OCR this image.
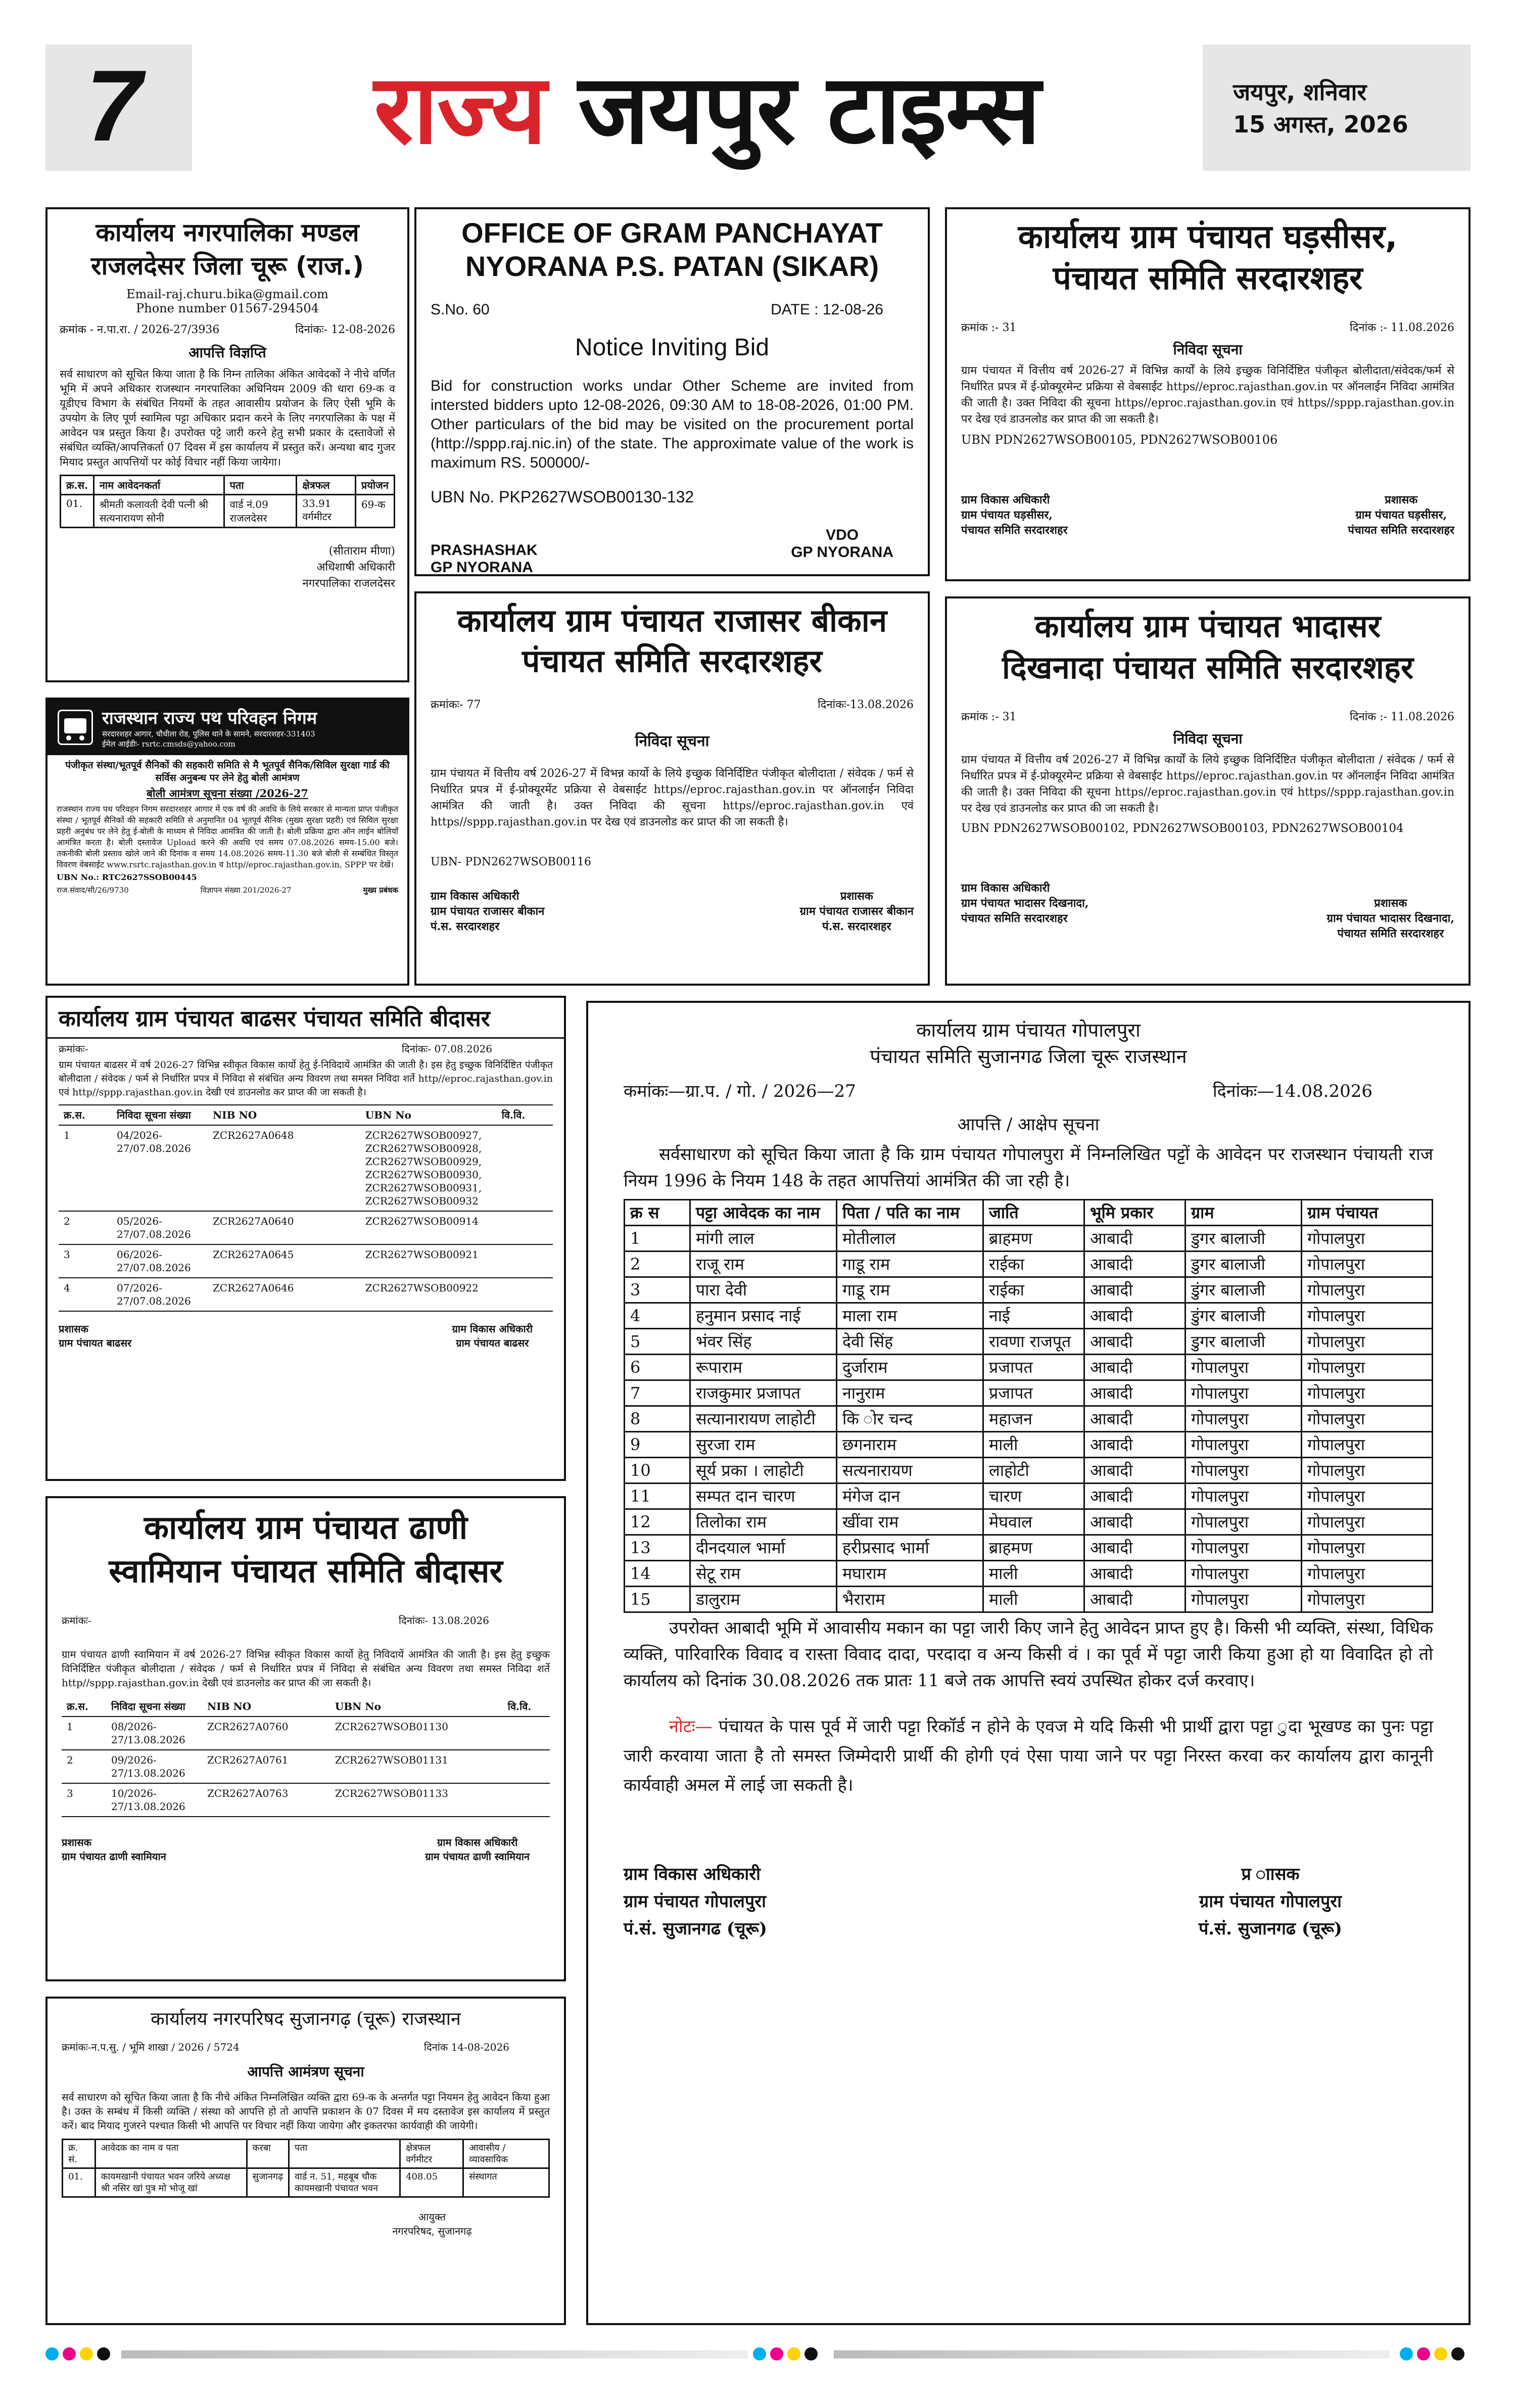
7 राज्य जयपुर टाइम्स	जयपुर, शनिवार
15 अगस्त, 2026
कार्यालय नगरपालिका मण्डल
राजलदेसर जिला चूरू (राज.)
Email-raj.churu.bika@gmail.com
Phone number 01567-294504
क्रमांक - न.पा.रा. / 2026-27/3936	दिनांकः- 12-08-2026
आपत्ति विज्ञप्ति

सर्व साधारण को सूचित किया जाता है कि निम्न तालिका अंकित आवेदकों ने नीचे वर्णित भूमि में अपने अधिकार राजस्थान नगरपालिका अधिनियम 2009 की धारा 69-क व यूडीएच विभाग के संबंधित नियमों के तहत आवासीय प्रयोजन के लिए ऐसी भूमि के उपयोग के लिए पूर्ण स्वामित्व पट्टा अधिकार प्रदान करने के लिए नगरपालिका के पक्ष में आवेदन पत्र प्रस्तुत किया है। उपरोक्त पट्टे जारी करने हेतु सभी प्रकार के दस्तावेजों से संबंधित व्यक्ति/आपत्तिकर्ता 07 दिवस में इस कार्यालय में प्रस्तुत करें। अन्यथा बाद गुजर मियाद प्रस्तुत आपत्तियों पर कोई विचार नहीं किया जायेगा।

क्र.स.	नाम आवेदनकर्ता	पता	क्षेत्रफल	प्रयोजन
01.	श्रीमती कलावती देवी पत्नी श्री सत्यनारायण सोनी	वार्ड नं.09 राजलदेसर	33.91 वर्गमीटर	69-क
(सीताराम मीणा)
अधिशाषी अधिकारी
नगरपालिका राजलदेसर
राजस्थान राज्य पथ परिवहन निगम
सरदारशहर आगार, चौधीला रोड, पुलिस थाने के सामने, सरदारशहर-331403
ईमेल आईडीः- rsrtc.cmsds@yahoo.com
पंजीकृत संस्था/भूतपूर्व सैनिकों की सहकारी समिति से मै भूतपूर्व सैनिक/सिविल सुरक्षा गार्ड की सर्विस अनुबन्ध पर लेने हेतु बोली आमंत्रण
बोली आमंत्रण सूचना संख्या /2026-27

राजस्थान राज्य पथ परिवहन निगम सरदारशहर आगार में एक वर्ष की अवधि के लिये सरकार से मान्यता प्राप्त पंजीकृत संस्था / भूतपूर्व सैनिकों की सहकारी समिति से अनुमानित 04 भूतपूर्व सैनिक (मुख्य सुरक्षा प्रहरी) एवं सिविल सुरक्षा प्रहरी अनुबंध पर लेने हेतु ई-बोली के माध्यम से निविदा आमंत्रित की जाती है। बोली प्रक्रिया द्वारा ऑन लाईन बोलियाँ आमंत्रित करता है। बोली दस्तावेज Upload करने की अवधि एवं समय 07.08.2026 समय-15.00 बजे। तकनीकी बोली प्रस्ताव खोले जाने की दिनांक व समय 14.08.2026 समय-11.30 बजे बोली से सम्बंधित विस्तृत विवरण वेबसाईट www.rsrtc.rajasthan.gov.in व http//eproc.rajasthan.gov.in, SPPP पर देखें।

UBN No.: RTC2627SSOB00445
राज.संवाद/सी/26/9730	विज्ञापन संख्या 201/2026-27	मुख्य प्रबंधक
OFFICE OF GRAM PANCHAYAT
NYORANA P.S. PATAN (SIKAR)
S.No. 60	DATE : 12-08-26
Notice Inviting Bid

Bid for construction works undar Other Scheme are invited from intersted bidders upto 12-08-2026, 09:30 AM to 18-08-2026, 01:00 PM. Other particulars of the bid may be visited on the procurement portal (http://sppp.raj.nic.in) of the state. The approximate value of the work is maximum RS. 500000/-

UBN No. PKP2627WSOB00130-132
PRASHASHAK
GP NYORANA
VDO
GP NYORANA
कार्यालय ग्राम पंचायत घड़सीसर,
पंचायत समिति सरदारशहर
क्रमांक :- 31	दिनांक :- 11.08.2026
निविदा सूचना

ग्राम पंचायत में वित्तीय वर्ष 2026-27 में विभिन्न कार्यों के लिये इच्छुक विनिर्दिष्टित पंजीकृत बोलीदाता/संवेदक/फर्म से निर्धारित प्रपत्र में ई-प्रोक्यूरमेन्ट प्रक्रिया से वेबसाईट https//eproc.rajasthan.gov.in पर ऑनलाईन निविदा आमंत्रित की जाती है। उक्त निविदा की सूचना https//eproc.rajasthan.gov.in एवं https//sppp.rajasthan.gov.in पर देख एवं डाउनलोड कर प्राप्त की जा सकती है।

UBN PDN2627WSOB00105, PDN2627WSOB00106
ग्राम विकास अधिकारी
ग्राम पंचायत घड़सीसर,
पंचायत समिति सरदारशहर
प्रशासक
ग्राम पंचायत घड़सीसर,
पंचायत समिति सरदारशहर
कार्यालय ग्राम पंचायत राजासर बीकान
पंचायत समिति सरदारशहर
क्रमांकः- 77	दिनांकः-13.08.2026
निविदा सूचना

ग्राम पंचायत में वित्तीय वर्ष 2026-27 में विभन्न कार्यो के लिये इच्छुक विनिर्दिष्टित पंजीकृत बोलीदाता / संवेदक / फर्म से निर्धारित प्रपत्र में ई-प्रोक्यूरमेंट प्रक्रिया से वेबसाईट https//eproc.rajasthan.gov.in पर ऑनलाईन निविदा आमंत्रित की जाती है। उक्त निविदा की सूचना https//eproc.rajasthan.gov.in एवं https//sppp.rajasthan.gov.in पर देख एवं डाउनलोड कर प्राप्त की जा सकती है।

UBN- PDN2627WSOB00116
ग्राम विकास अधिकारी
ग्राम पंचायत राजासर बीकान
पं.स. सरदारशहर
प्रशासक
ग्राम पंचायत राजासर बीकान
पं.स. सरदारशहर
कार्यालय ग्राम पंचायत भादासर
दिखनादा पंचायत समिति सरदारशहर
क्रमांक :- 31	दिनांक :- 11.08.2026
निविदा सूचना

ग्राम पंचायत में वित्तीय वर्ष 2026-27 में विभिन्न कार्यों के लिये इच्छुक विनिर्दिष्टित पंजीकृत बोलीदाता / संवेदक / फर्म से निर्धारित प्रपत्र में ई-प्रोक्यूरमेन्ट प्रक्रिया से वेबसाईट https//eproc.rajasthan.gov.in पर ऑनलाईन निविदा आमंत्रित की जाती है। उक्त निविदा की सूचना https//eproc.rajasthan.gov.in एवं https//sppp.rajasthan.gov.in पर देख एवं डाउनलोड कर प्राप्त की जा सकती है।

UBN PDN2627WSOB00102, PDN2627WSOB00103, PDN2627WSOB00104
ग्राम विकास अधिकारी
ग्राम पंचायत भादासर दिखनादा,
पंचायत समिति सरदारशहर
प्रशासक
ग्राम पंचायत भादासर दिखनादा,
पंचायत समिति सरदारशहर
कार्यालय ग्राम पंचायत बाढसर पंचायत समिति बीदासर
क्रमांकः-	दिनांकः- 07.08.2026

ग्राम पंचायत बाढसर में वर्ष 2026-27 विभिन्न स्वीकृत विकास कार्यो हेतु ई-निविदायें आमंत्रित की जाती है। इस हेतु इच्छुक विनिर्दिष्टित पंजीकृत बोलीदाता / संवेदक / फर्म से निर्धारित प्रपत्र में निविदा से संबंधित अन्य विवरण तथा समस्त निविदा शर्ते http//eproc.rajasthan.gov.in एवं http//sppp.rajasthan.gov.in देखी एवं डाउनलोड कर प्राप्त की जा सकती है।

क्र.स.	निविदा सूचना संख्या	NIB NO	UBN No	वि.वि.
1	04/2026-27/07.08.2026	ZCR2627A0648	ZCR2627WSOB00927, ZCR2627WSOB00928, ZCR2627WSOB00929, ZCR2627WSOB00930, ZCR2627WSOB00931, ZCR2627WSOB00932	
2	05/2026-27/07.08.2026	ZCR2627A0640	ZCR2627WSOB00914	
3	06/2026-27/07.08.2026	ZCR2627A0645	ZCR2627WSOB00921	
4	07/2026-27/07.08.2026	ZCR2627A0646	ZCR2627WSOB00922	
प्रशासक
ग्राम पंचायत बाढसर
ग्राम विकास अधिकारी
ग्राम पंचायत बाढसर
कार्यालय ग्राम पंचायत ढाणी
स्वामियान पंचायत समिति बीदासर
क्रमांकः-	दिनांकः- 13.08.2026

ग्राम पंचायत ढाणी स्वामियान में वर्ष 2026-27 विभिन्न स्वीकृत विकास कार्यो हेतु निविदायें आमंत्रित की जाती है। इस हेतु इच्छुक विनिर्दिष्टित पंजीकृत बोलीदाता / संवेदक / फर्म से निर्धारित प्रपत्र में निविदा से संबंधित अन्य विवरण तथा समस्त निविदा शर्ते http//sppp.rajasthan.gov.in देखी एवं डाउनलोड कर प्राप्त की जा सकती है।

क्र.स.	निविदा सूचना संख्या	NIB NO	UBN No	वि.वि.
1	08/2026-27/13.08.2026	ZCR2627A0760	ZCR2627WSOB01130	
2	09/2026-27/13.08.2026	ZCR2627A0761	ZCR2627WSOB01131	
3	10/2026-27/13.08.2026	ZCR2627A0763	ZCR2627WSOB01133	
प्रशासक
ग्राम पंचायत ढाणी स्वामियान
ग्राम विकास अधिकारी
ग्राम पंचायत ढाणी स्वामियान
कार्यालय नगरपरिषद सुजानगढ़ (चूरू) राजस्थान
क्रमांकः-न.प.सु. / भूमि शाखा / 2026 / 5724	दिनांक 14-08-2026
आपत्ति आमंत्रण सूचना

सर्व साधारण को सूचित किया जाता है कि नीचे अंकित निम्नलिखित व्यक्ति द्वारा 69-क के अन्तर्गत पट्टा नियमन हेतु आवेदन किया हुआ है। उक्त के सम्बंध में किसी व्यक्ति / संस्था को आपत्ति हो तो आपत्ति प्रकाशन के 07 दिवस में मय दस्तावेज इस कार्यालय में प्रस्तुत करें। बाद मियाद गुजरने पश्चात किसी भी आपत्ति पर विचार नहीं किया जायेगा और इकतरफा कार्यवाही की जायेगी।

क्र. सं.	आवेदक का नाम व पता	करबा	पता	क्षेत्रफल वर्गमीटर	आवासीय / व्यावसायिक
01.	कायमखानी पंचायत भवन जरिये अध्यक्ष श्री नसिर खां पुत्र मो भोजू खां	सुजानगढ़	वार्ड न. 51, महबूब चौक कायमखानी पंचायत भवन	408.05	संस्थागत
आयुक्त
नगरपरिषद, सुजानगढ़
कार्यालय ग्राम पंचायत गोपालपुरा
पंचायत समिति सुजानगढ जिला चूरू राजस्थान
कमांकः—ग्रा.प. / गो. / 2026—27	दिनांकः—14.08.2026
आपत्ति / आक्षेप सूचना

सर्वसाधारण को सूचित किया जाता है कि ग्राम पंचायत गोपालपुरा में निम्नलिखित पट्टों के आवेदन पर राजस्थान पंचायती राज नियम 1996 के नियम 148 के तहत आपत्तियां आमंत्रित की जा रही है।

क्र स	पट्टा आवेदक का नाम	पिता / पति का नाम	जाति	भूमि प्रकार	ग्राम	ग्राम पंचायत
1	मांगी लाल	मोतीलाल	ब्राहमण	आबादी	डुगर बालाजी	गोपालपुरा
2	राजू राम	गाडू राम	राईका	आबादी	डुगर बालाजी	गोपालपुरा
3	पारा देवी	गाडू राम	राईका	आबादी	डुंगर बालाजी	गोपालपुरा
4	हनुमान प्रसाद नाई	माला राम	नाई	आबादी	डुंगर बालाजी	गोपालपुरा
5	भंवर सिंह	देवी सिंह	रावणा राजपूत	आबादी	डुगर बालाजी	गोपालपुरा
6	रूपाराम	दुर्जाराम	प्रजापत	आबादी	गोपालपुरा	गोपालपुरा
7	राजकुमार प्रजापत	नानुराम	प्रजापत	आबादी	गोपालपुरा	गोपालपुरा
8	सत्यानारायण लाहोटी	कि ोर चन्द	महाजन	आबादी	गोपालपुरा	गोपालपुरा
9	सुरजा राम	छगनाराम	माली	आबादी	गोपालपुरा	गोपालपुरा
10	सूर्य प्रका । लाहोटी	सत्यनारायण	लाहोटी	आबादी	गोपालपुरा	गोपालपुरा
11	सम्पत दान चारण	मंगेज दान	चारण	आबादी	गोपालपुरा	गोपालपुरा
12	तिलोका राम	खींवा राम	मेघवाल	आबादी	गोपालपुरा	गोपालपुरा
13	दीनदयाल भार्मा	हरीप्रसाद भार्मा	ब्राहमण	आबादी	गोपालपुरा	गोपालपुरा
14	सेटू राम	मघाराम	माली	आबादी	गोपालपुरा	गोपालपुरा
15	डालुराम	भैराराम	माली	आबादी	गोपालपुरा	गोपालपुरा

उपरोक्त आबादी भूमि में आवासीय मकान का पट्टा जारी किए जाने हेतु आवेदन प्राप्त हुए है। किसी भी व्यक्ति, संस्था, विधिक व्यक्ति, पारिवारिक विवाद व रास्ता विवाद दादा, परदादा व अन्य किसी वं । का पूर्व में पट्टा जारी किया हुआ हो या विवादित हो तो कार्यालय को दिनांक 30.08.2026 तक प्रातः 11 बजे तक आपत्ति स्वयं उपस्थित होकर दर्ज करवाए।

नोटः— पंचायत के पास पूर्व में जारी पट्टा रिकॉर्ड न होने के एवज मे यदि किसी भी प्रार्थी द्वारा पट्टा ुदा भूखण्ड का पुनः पट्टा जारी करवाया जाता है तो समस्त जिम्मेदारी प्रार्थी की होगी एवं ऐसा पाया जाने पर पट्टा निरस्त करवा कर कार्यालय द्वारा कानूनी कार्यवाही अमल में लाई जा सकती है।

ग्राम विकास अधिकारी
ग्राम पंचायत गोपालपुरा
पं.सं. सुजानगढ (चूरू)
प्र ाासक
ग्राम पंचायत गोपालपुरा
पं.सं. सुजानगढ (चूरू)
